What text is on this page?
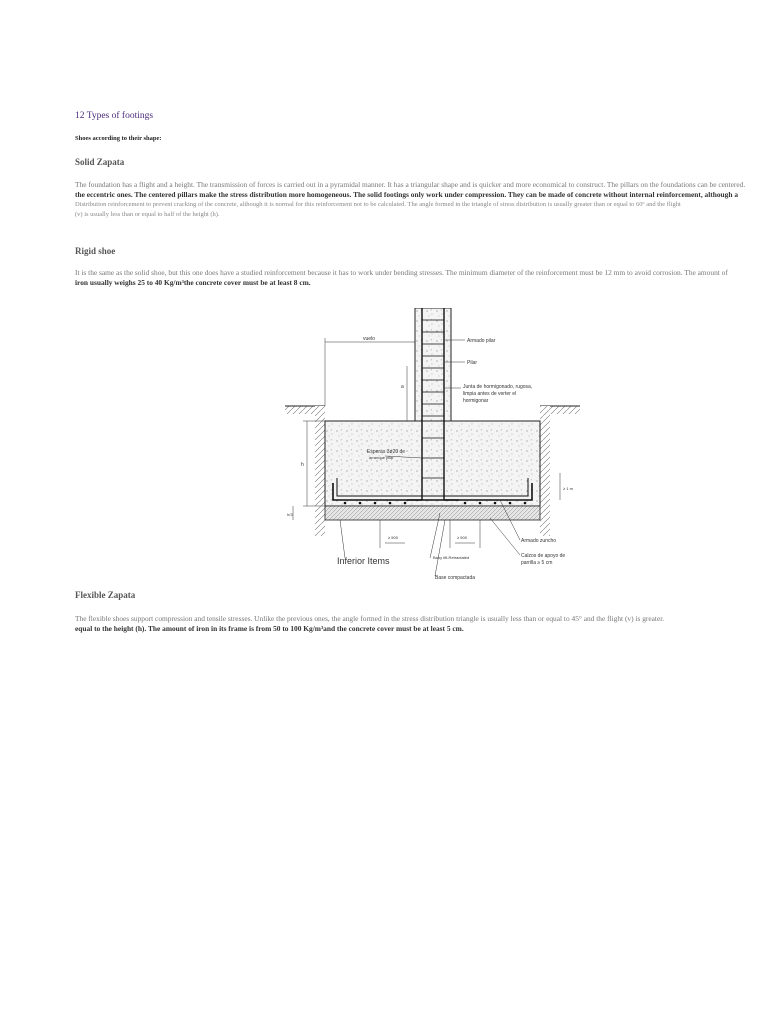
12 Types of footings
Shoes according to their shape:
Solid Zapata
The foundation has a flight and a height. The transmission of forces is carried out in a pyramidal manner. It has a triangular shape and is quicker and more economical to construct. The pillars on the foundations can be centered.
the eccentric ones. The centered pillars make the stress distribution more homogeneous. The solid footings only work under compression. They can be made of concrete without internal reinforcement, although a
Distribution reinforcement to prevent cracking of the concrete, although it is normal for this reinforcement not to be calculated. The angle formed in the triangle of stress distribution is usually greater than or equal to 60º and the flight
(v) is usually less than or equal to half of the height (h).
Rigid shoe
It is the same as the solid shoe, but this one does have a studied reinforcement because it has to work under bending stresses. The minimum diameter of the reinforcement must be 12 mm to avoid corrosion. The amount of
iron usually weighs 25 to 40 Kg/m³the concrete cover must be at least 8 cm.
vuelo	Armado pilar
Pilar
Junta de hormigonado, rugosa,
limpia antes de verter el
hormigonar
Esperas 3ø20 de
arranque pilar
a
h
h/3
≥ 1 m
≥ 500	≥ 500
Inferior Items	Baby lift-Retractated
Base compactada
Armado zuncho
Calzos de apoyo de
parrilla ≥ 5 cm
Flexible Zapata
The flexible shoes support compression and tensile stresses. Unlike the previous ones, the angle formed in the stress distribution triangle is usually less than or equal to 45° and the flight (v) is greater.
equal to the height (h). The amount of iron in its frame is from 50 to 100 Kg/m³and the concrete cover must be at least 5 cm.
